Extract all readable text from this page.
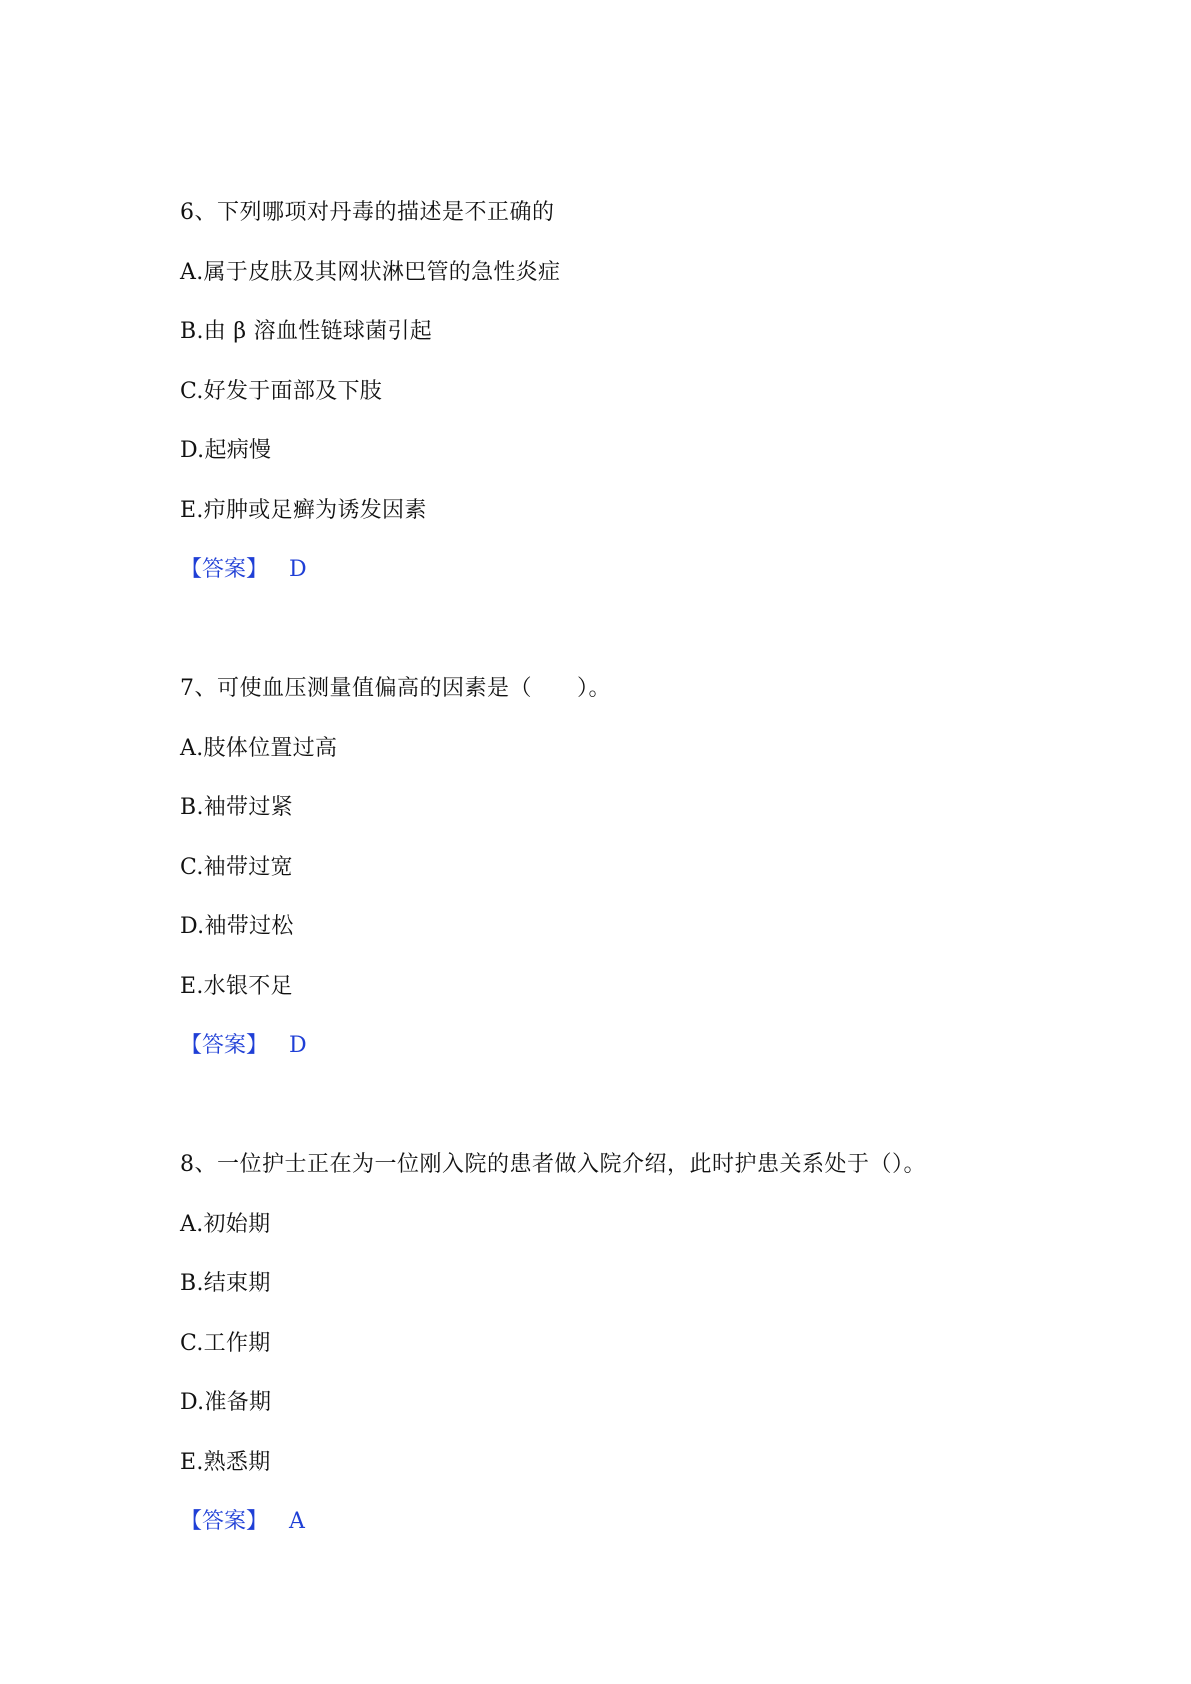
6、下列哪项对丹毒的描述是不正确的
A.属于皮肤及其网状淋巴管的急性炎症
B.由 β 溶血性链球菌引起
C.好发于面部及下肢
D.起病慢
E.疖肿或足癣为诱发因素
【答案】 D
7、可使血压测量值偏高的因素是（　　）。
A.肢体位置过高
B.袖带过紧
C.袖带过宽
D.袖带过松
E.水银不足
【答案】 D
8、一位护士正在为一位刚入院的患者做入院介绍，此时护患关系处于（）。
A.初始期
B.结束期
C.工作期
D.准备期
E.熟悉期
【答案】 A
